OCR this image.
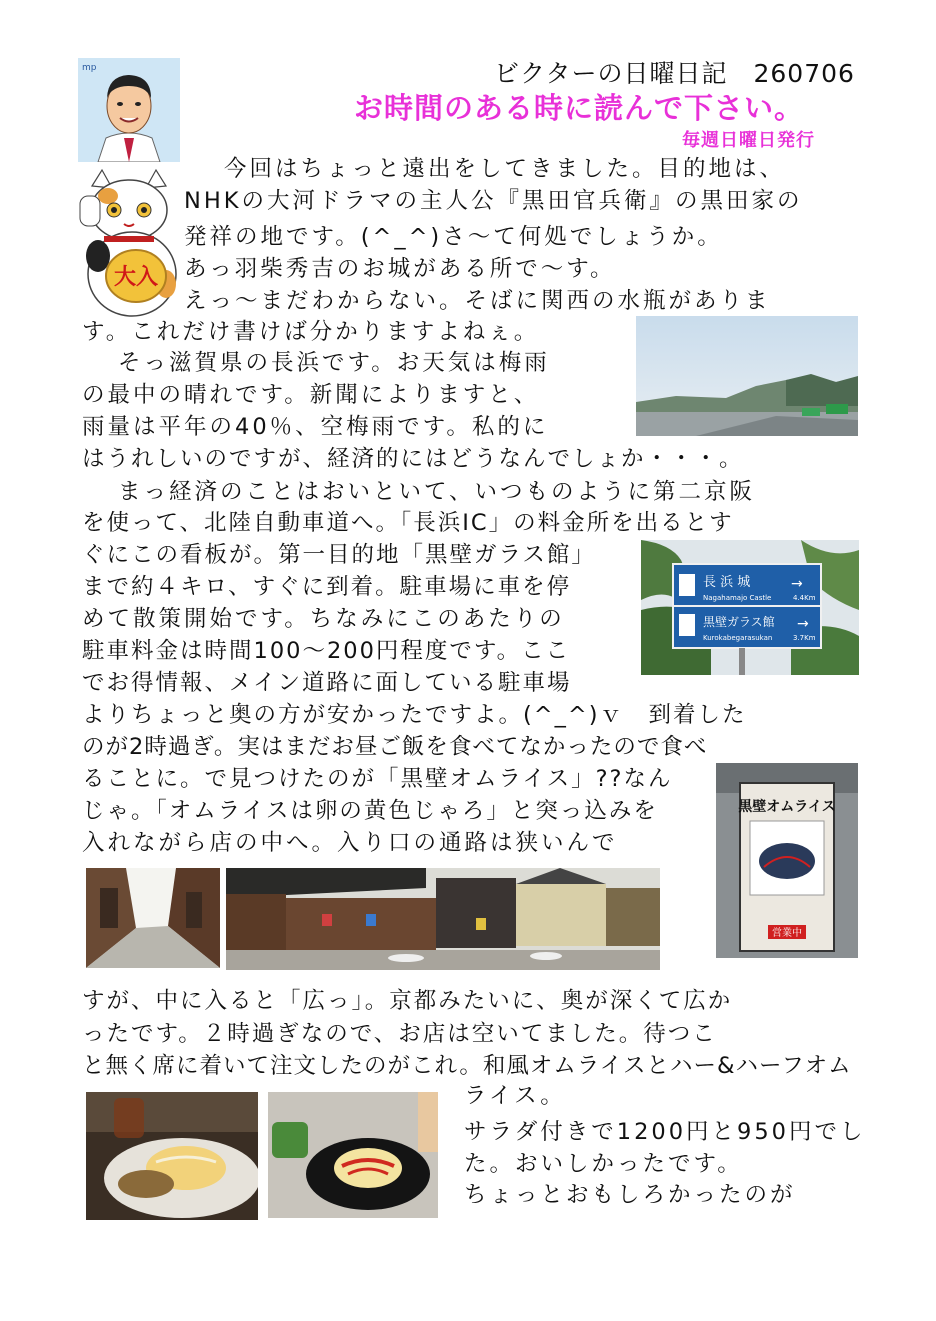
ビクターの日曜日記　260706
お時間のある時に読んで下さい。
毎週日曜日発行
mp
大入
長 浜 城
Nagahamajo Castle	4.4Km
→
黒壁ガラス館
Kurokabegarasukan	3.7Km
→
黒壁オムライス
営業中
今回はちょっと遠出をしてきました。目的地は、
NHKの大河ドラマの主人公『黒田官兵衛』の黒田家の
発祥の地です。(^_^)さ～て何処でしょうか。
あっ羽柴秀吉のお城がある所で～す。
えっ～まだわからない。そばに関西の水瓶がありま
す。これだけ書けば分かりますよねぇ。
そっ滋賀県の長浜です。お天気は梅雨
の最中の晴れです。新聞によりますと、
雨量は平年の40％、空梅雨です。私的に
はうれしいのですが、経済的にはどうなんでしょか・・・。
まっ経済のことはおいといて、いつものように第二京阪
を使って、北陸自動車道へ。「長浜IC」の料金所を出るとす
ぐにこの看板が。第一目的地「黒壁ガラス館」
まで約４キロ、すぐに到着。駐車場に車を停
めて散策開始です。ちなみにこのあたりの
駐車料金は時間100～200円程度です。ここ
でお得情報、メイン道路に面している駐車場
よりちょっと奥の方が安かったですよ。(^_^)ｖ　到着した
のが2時過ぎ。実はまだお昼ご飯を食べてなかったので食べ
ることに。で見つけたのが「黒壁オムライス」??なん
じゃ。「オムライスは卵の黄色じゃろ」と突っ込みを
入れながら店の中へ。入り口の通路は狭いんで
すが、中に入ると「広っ」。京都みたいに、奥が深くて広か
ったです。２時過ぎなので、お店は空いてました。待つこ
と無く席に着いて注文したのがこれ。和風オムライスとハー&ハーフオム
ライス。
サラダ付きで1200円と950円でし
た。おいしかったです。
ちょっとおもしろかったのが
